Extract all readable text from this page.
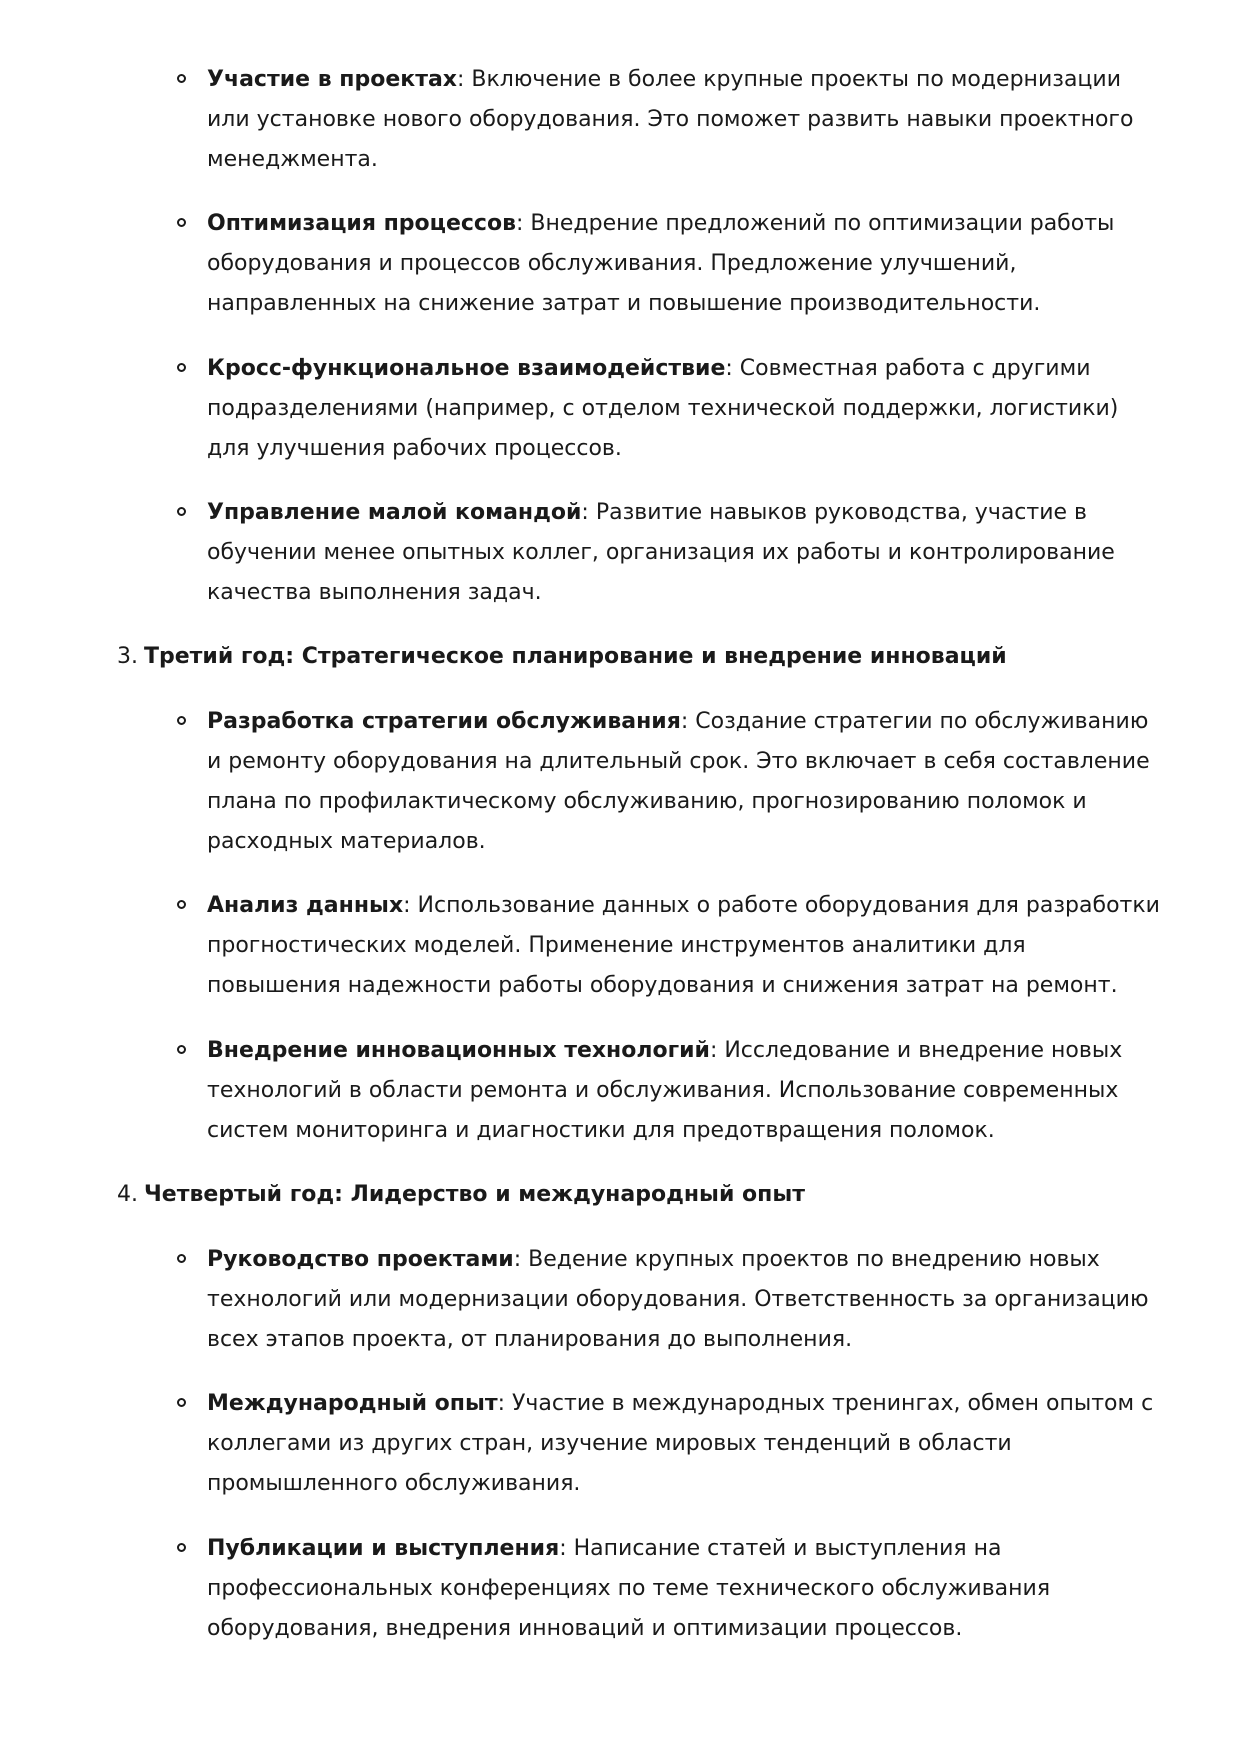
Участие в проектах: Включение в более крупные проекты по модернизации или установке нового оборудования. Это поможет развить навыки проектного менеджмента.
Оптимизация процессов: Внедрение предложений по оптимизации работы оборудования и процессов обслуживания. Предложение улучшений, направленных на снижение затрат и повышение производительности.
Кросс-функциональное взаимодействие: Совместная работа с другими подразделениями (например, с отделом технической поддержки, логистики) для улучшения рабочих процессов.
Управление малой командой: Развитие навыков руководства, участие в обучении менее опытных коллег, организация их работы и контролирование качества выполнения задач.
3. Третий год: Стратегическое планирование и внедрение инноваций
Разработка стратегии обслуживания: Создание стратегии по обслуживанию и ремонту оборудования на длительный срок. Это включает в себя составление плана по профилактическому обслуживанию, прогнозированию поломок и расходных материалов.
Анализ данных: Использование данных о работе оборудования для разработки прогностических моделей. Применение инструментов аналитики для повышения надежности работы оборудования и снижения затрат на ремонт.
Внедрение инновационных технологий: Исследование и внедрение новых технологий в области ремонта и обслуживания. Использование современных систем мониторинга и диагностики для предотвращения поломок.
4. Четвертый год: Лидерство и международный опыт
Руководство проектами: Ведение крупных проектов по внедрению новых технологий или модернизации оборудования. Ответственность за организацию всех этапов проекта, от планирования до выполнения.
Международный опыт: Участие в международных тренингах, обмен опытом с коллегами из других стран, изучение мировых тенденций в области промышленного обслуживания.
Публикации и выступления: Написание статей и выступления на профессиональных конференциях по теме технического обслуживания оборудования, внедрения инноваций и оптимизации процессов.
